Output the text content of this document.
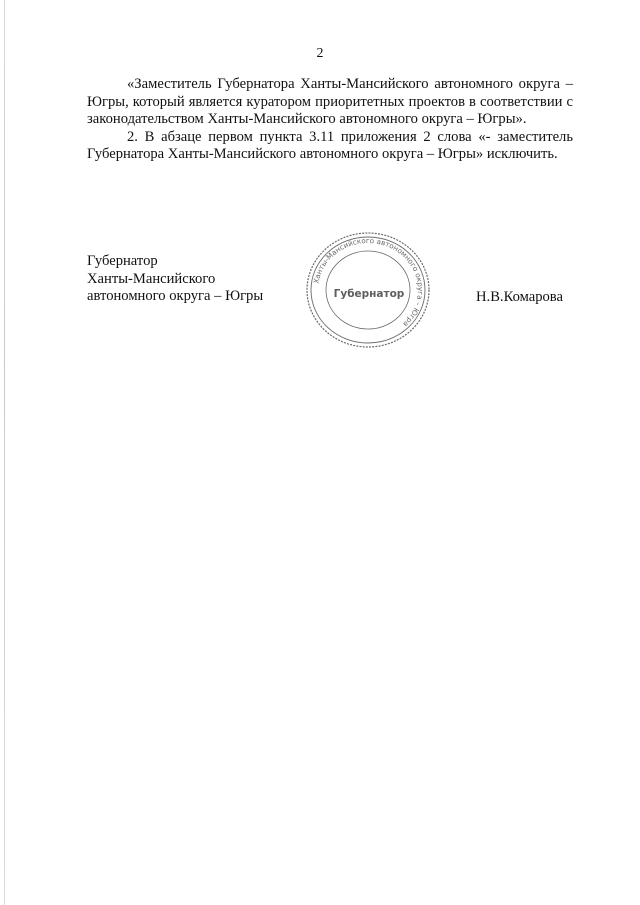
2

«Заместитель Губернатора Ханты-Мансийского автономного округа – Югры, который является куратором приоритетных проектов в соответствии с законодательством Ханты-Мансийского автономного округа – Югры».

2. В абзаце первом пункта 3.11 приложения 2 слова «- заместитель Губернатора Ханты-Мансийского автономного округа – Югры» исключить.

Губернатор
Ханты-Мансийского
автономного округа – Югры
Ханты-Мансийского автономного округа – Югра
Губернатор	Н.В.Комарова
